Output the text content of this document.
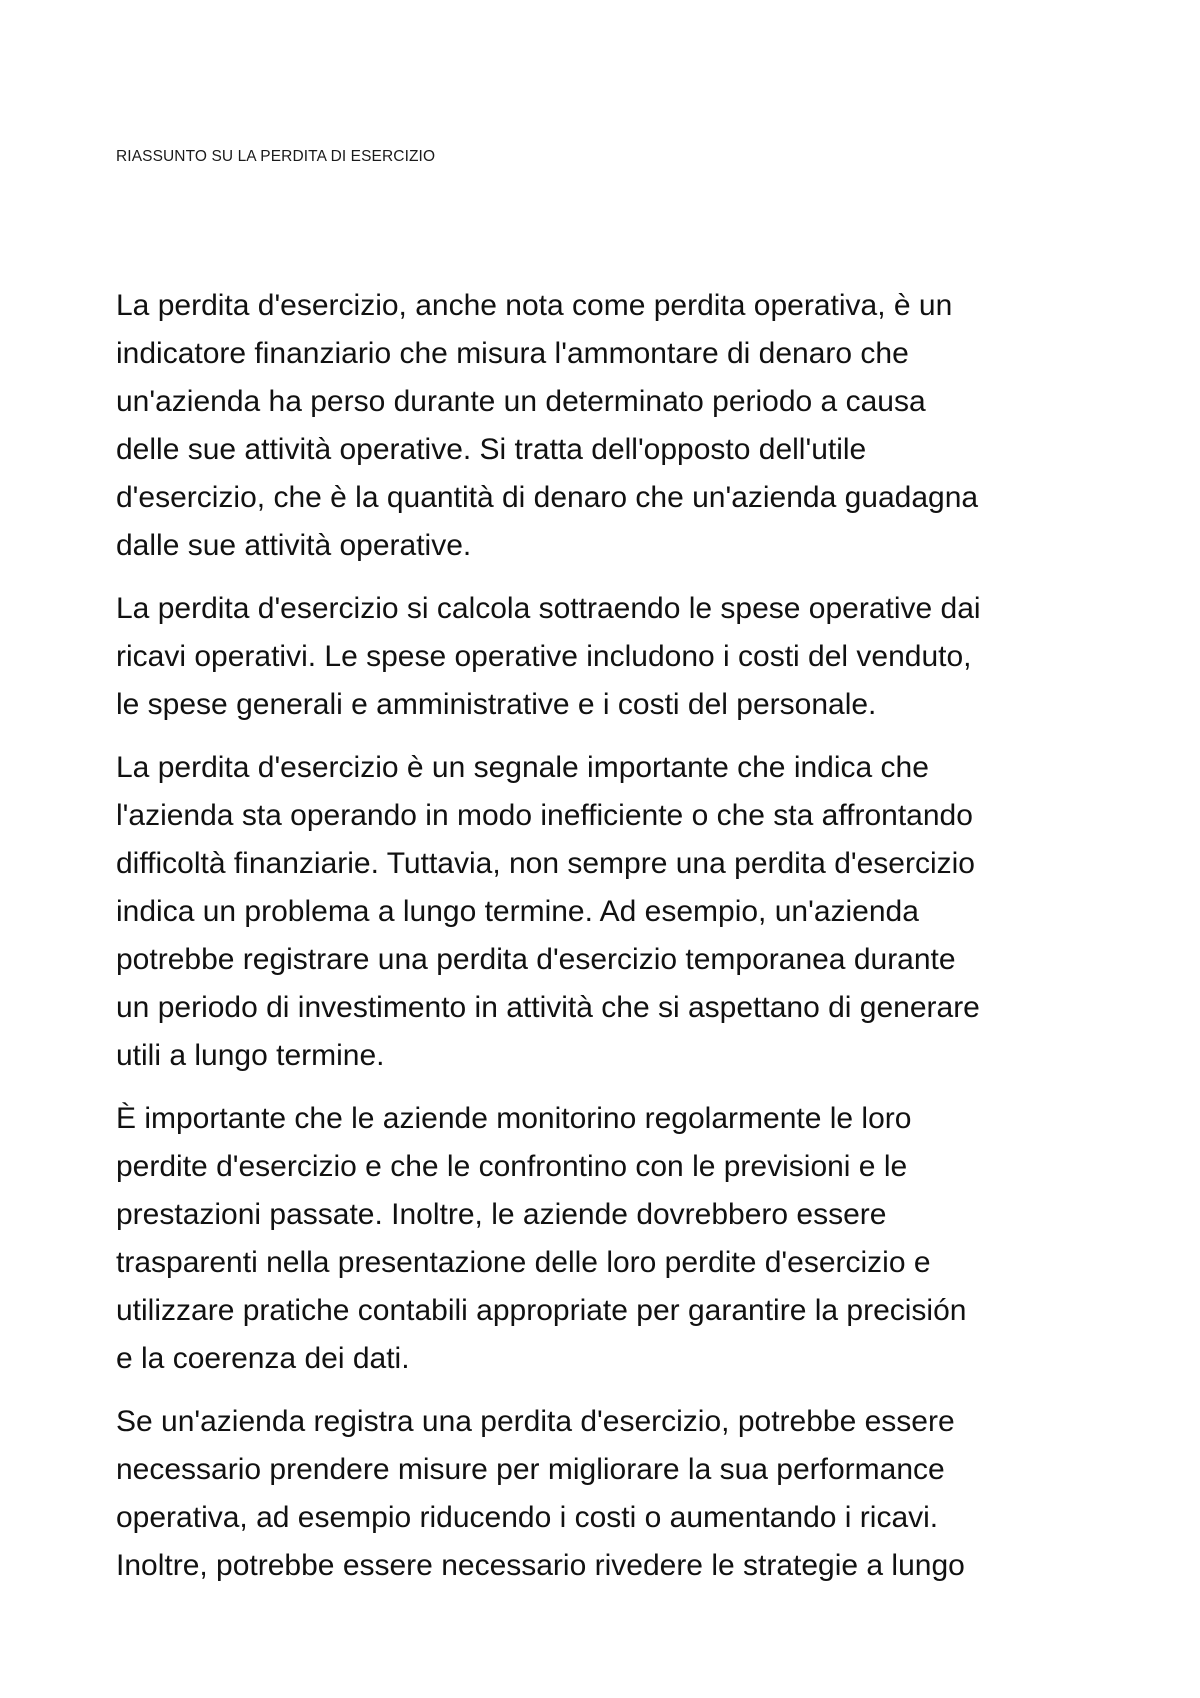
RIASSUNTO SU LA PERDITA DI ESERCIZIO

La perdita d'esercizio, anche nota come perdita operativa, è un
indicatore finanziario che misura l'ammontare di denaro che
un'azienda ha perso durante un determinato periodo a causa
delle sue attività operative. Si tratta dell'opposto dell'utile
d'esercizio, che è la quantità di denaro che un'azienda guadagna
dalle sue attività operative.

La perdita d'esercizio si calcola sottraendo le spese operative dai
ricavi operativi. Le spese operative includono i costi del venduto,
le spese generali e amministrative e i costi del personale.

La perdita d'esercizio è un segnale importante che indica che
l'azienda sta operando in modo inefficiente o che sta affrontando
difficoltà finanziarie. Tuttavia, non sempre una perdita d'esercizio
indica un problema a lungo termine. Ad esempio, un'azienda
potrebbe registrare una perdita d'esercizio temporanea durante
un periodo di investimento in attività che si aspettano di generare
utili a lungo termine.

È importante che le aziende monitorino regolarmente le loro
perdite d'esercizio e che le confrontino con le previsioni e le
prestazioni passate. Inoltre, le aziende dovrebbero essere
trasparenti nella presentazione delle loro perdite d'esercizio e
utilizzare pratiche contabili appropriate per garantire la precisión
e la coerenza dei dati.

Se un'azienda registra una perdita d'esercizio, potrebbe essere
necessario prendere misure per migliorare la sua performance
operativa, ad esempio riducendo i costi o aumentando i ricavi.
Inoltre, potrebbe essere necessario rivedere le strategie a lungo
